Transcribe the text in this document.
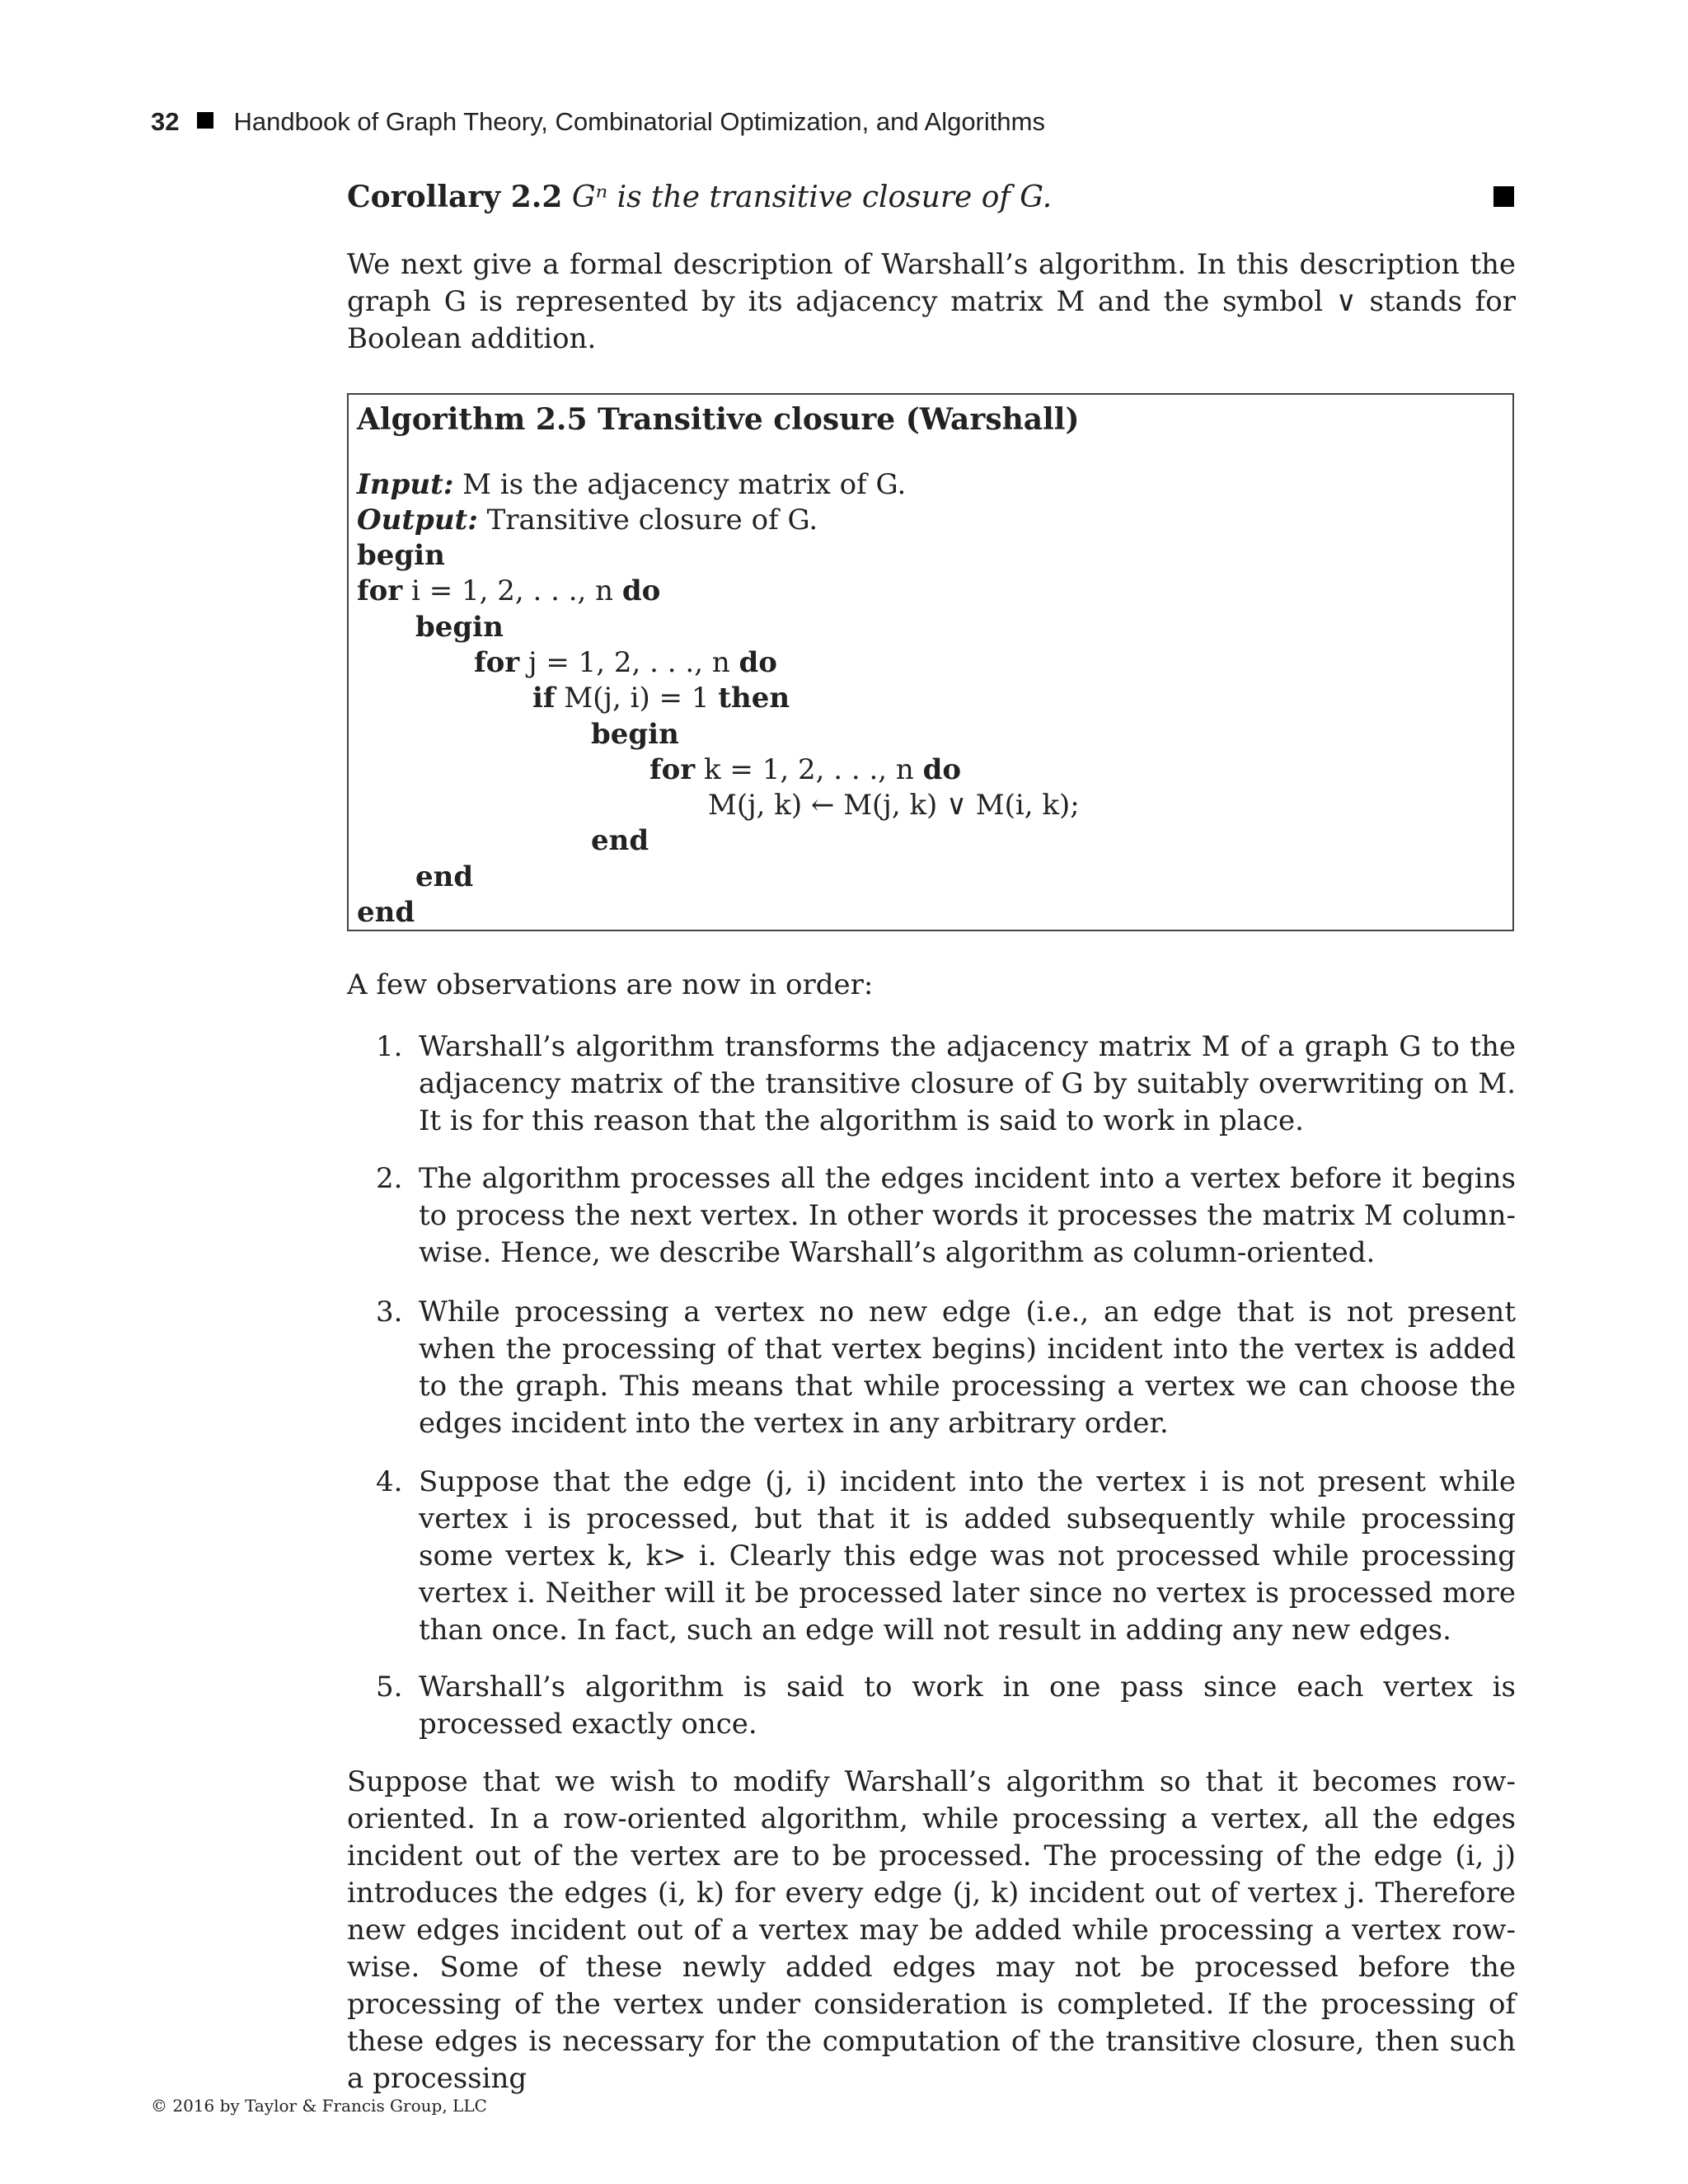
32 Handbook of Graph Theory, Combinatorial Optimization, and Algorithms
Corollary 2.2 Gⁿ is the transitive closure of G.
We next give a formal description of Warshall’s algorithm. In this description the graph G is represented by its adjacency matrix M and the symbol ∨ stands for Boolean addition.
Algorithm 2.5 Transitive closure (Warshall)
Input: M is the adjacency matrix of G.
Output: Transitive closure of G.
begin
for i = 1, 2, . . ., n do
begin
for j = 1, 2, . . ., n do
if M(j, i) = 1 then
begin
for k = 1, 2, . . ., n do
M(j, k) ← M(j, k) ∨ M(i, k);
end
end
end
A few observations are now in order:
1. Warshall’s algorithm transforms the adjacency matrix M of a graph G to the adjacency matrix of the transitive closure of G by suitably overwriting on M. It is for this reason that the algorithm is said to work in place.
2. The algorithm processes all the edges incident into a vertex before it begins to process the next vertex. In other words it processes the matrix M column-wise. Hence, we describe Warshall’s algorithm as column-oriented.
3. While processing a vertex no new edge (i.e., an edge that is not present when the processing of that vertex begins) incident into the vertex is added to the graph. This means that while processing a vertex we can choose the edges incident into the vertex in any arbitrary order.
4. Suppose that the edge (j, i) incident into the vertex i is not present while vertex i is processed, but that it is added subsequently while processing some vertex k, k> i. Clearly this edge was not processed while processing vertex i. Neither will it be processed later since no vertex is processed more than once. In fact, such an edge will not result in adding any new edges.
5. Warshall’s algorithm is said to work in one pass since each vertex is processed exactly once.
Suppose that we wish to modify Warshall’s algorithm so that it becomes row-oriented. In a row-oriented algorithm, while processing a vertex, all the edges incident out of the vertex are to be processed. The processing of the edge (i, j) introduces the edges (i, k) for every edge (j, k) incident out of vertex j. Therefore new edges incident out of a vertex may be added while processing a vertex row-wise. Some of these newly added edges may not be processed before the processing of the vertex under consideration is completed. If the processing of these edges is necessary for the computation of the transitive closure, then such a processing
© 2016 by Taylor & Francis Group, LLC
